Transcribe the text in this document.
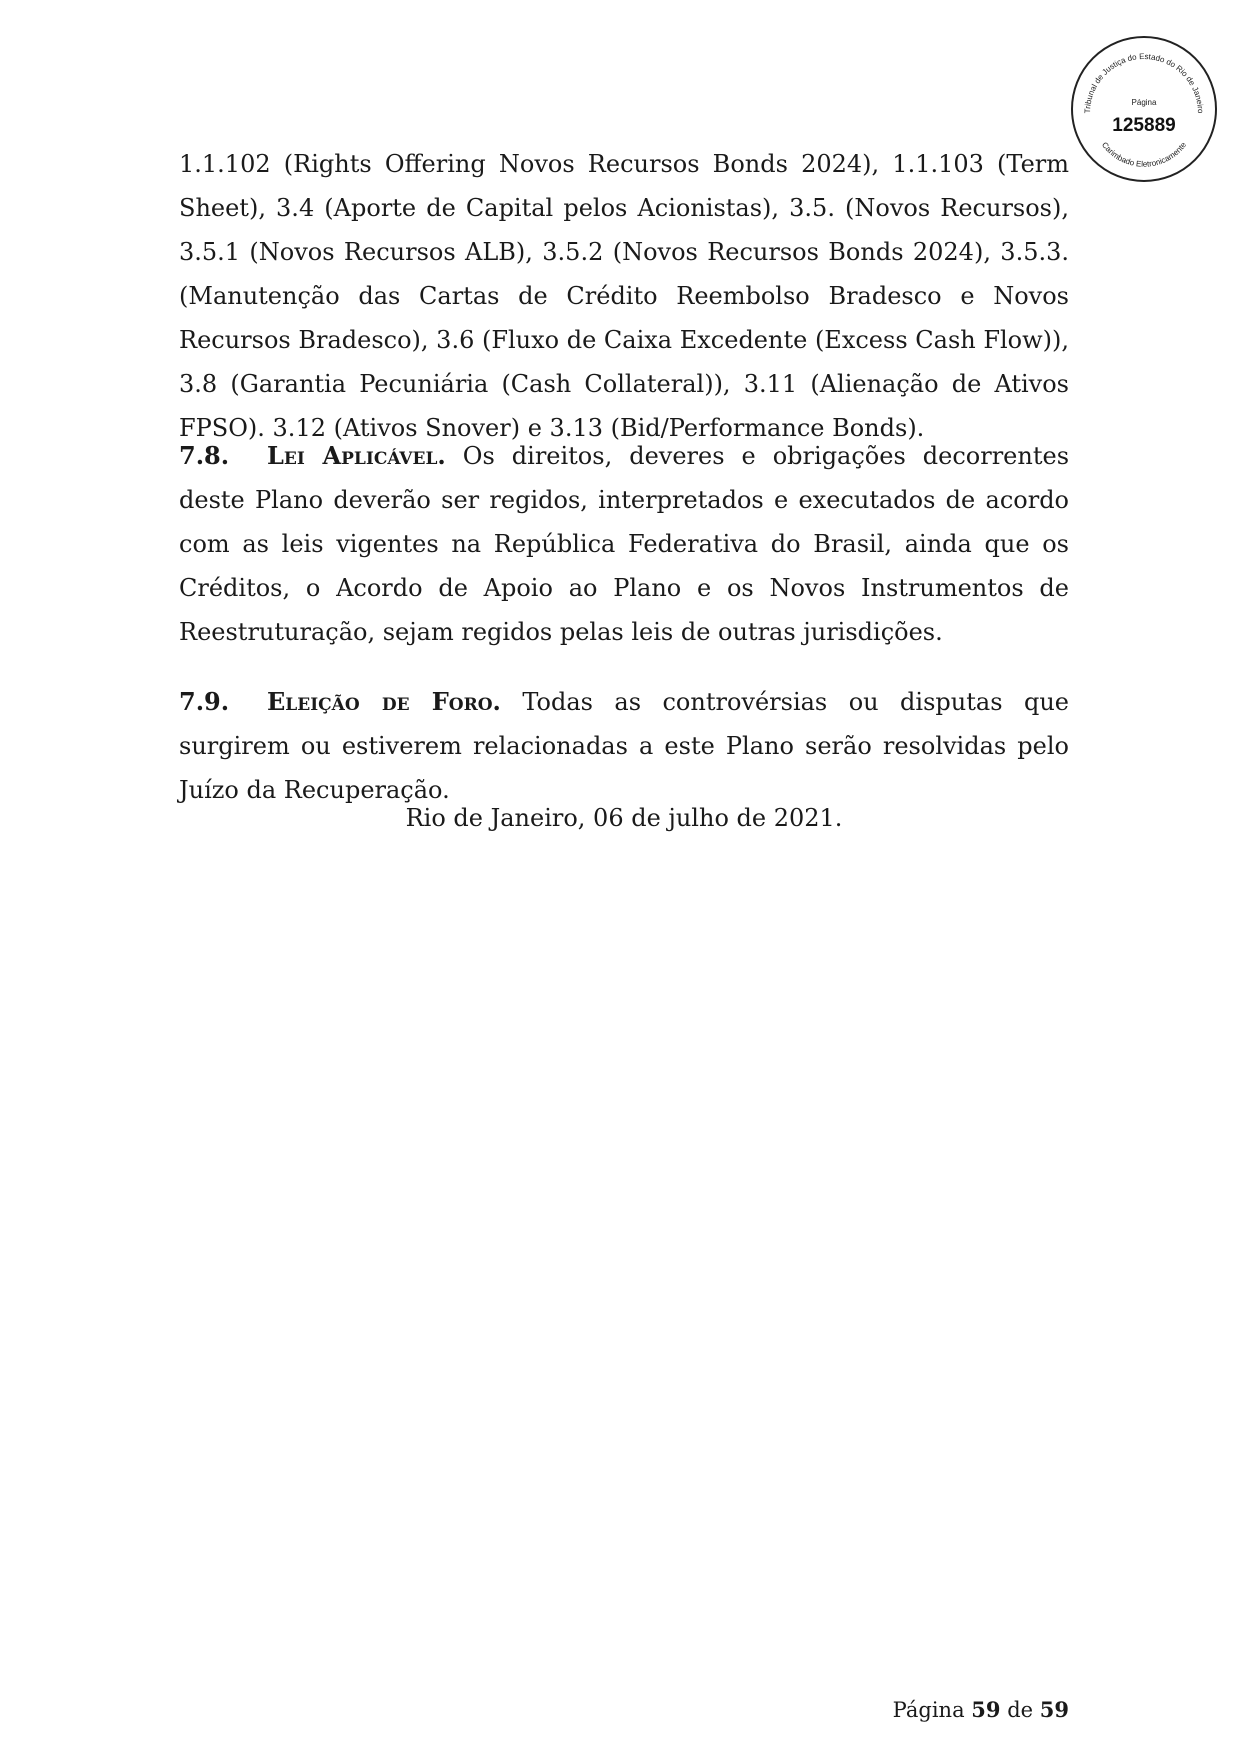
Tribunal de Justiça do Estado do Rio de Janeiro
Carimbado Eletronicamente
Página
125889
1.1.102 (Rights Offering Novos Recursos Bonds 2024), 1.1.103 (Term Sheet), 3.4 (Aporte de Capital pelos Acionistas), 3.5. (Novos Recursos), 3.5.1 (Novos Recursos ALB), 3.5.2 (Novos Recursos Bonds 2024), 3.5.3. (Manutenção das Cartas de Crédito Reembolso Bradesco e Novos Recursos Bradesco), 3.6 (Fluxo de Caixa Excedente (Excess Cash Flow)), 3.8 (Garantia Pecuniária (Cash Collateral)), 3.11 (Alienação de Ativos FPSO). 3.12 (Ativos Snover) e 3.13 (Bid/Performance Bonds).
7.8. Lei Aplicável. Os direitos, deveres e obrigações decorrentes deste Plano deverão ser regidos, interpretados e executados de acordo com as leis vigentes na República Federativa do Brasil, ainda que os Créditos, o Acordo de Apoio ao Plano e os Novos Instrumentos de Reestruturação, sejam regidos pelas leis de outras jurisdições.
7.9. Eleição de Foro. Todas as controvérsias ou disputas que surgirem ou estiverem relacionadas a este Plano serão resolvidas pelo Juízo da Recuperação.
Rio de Janeiro, 06 de julho de 2021.
Página 59 de 59
